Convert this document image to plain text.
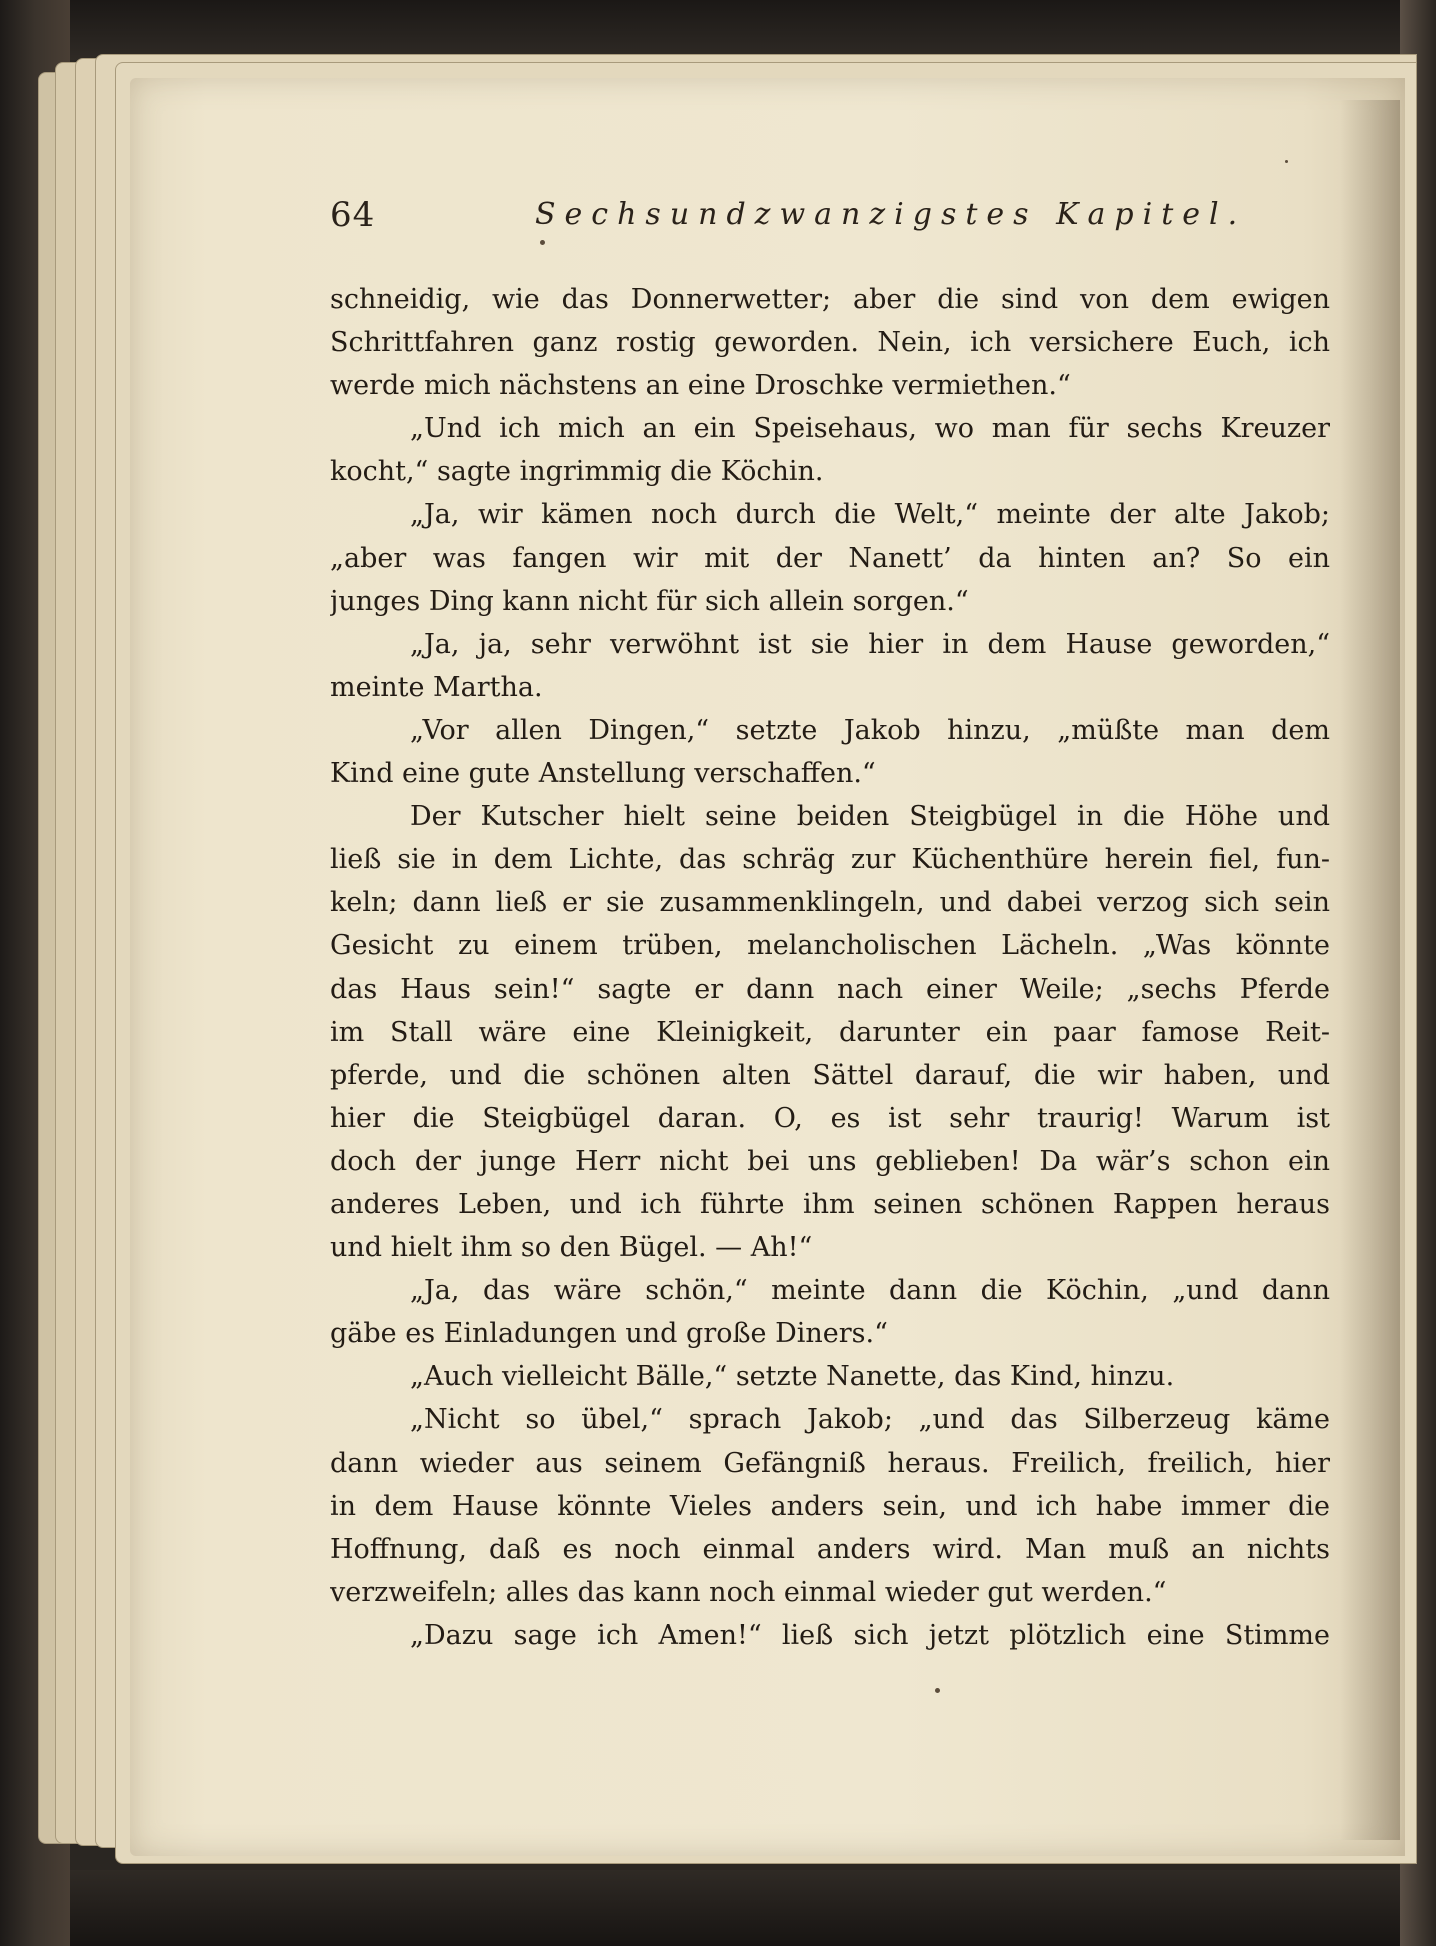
64	Sechsundzwanzigstes Kapitel.
schneidig, wie das Donnerwetter; aber die sind von dem ewigen
Schrittfahren ganz rostig geworden. Nein, ich versichere Euch, ich
werde mich nächstens an eine Droschke vermiethen.“
„Und ich mich an ein Speisehaus, wo man für sechs Kreuzer
kocht,“ sagte ingrimmig die Köchin.
„Ja, wir kämen noch durch die Welt,“ meinte der alte Jakob;
„aber was fangen wir mit der Nanett’ da hinten an? So ein
junges Ding kann nicht für sich allein sorgen.“
„Ja, ja, sehr verwöhnt ist sie hier in dem Hause geworden,“
meinte Martha.
„Vor allen Dingen,“ setzte Jakob hinzu, „müßte man dem
Kind eine gute Anstellung verschaffen.“
Der Kutscher hielt seine beiden Steigbügel in die Höhe und
ließ sie in dem Lichte, das schräg zur Küchenthüre herein fiel, fun-
keln; dann ließ er sie zusammenklingeln, und dabei verzog sich sein
Gesicht zu einem trüben, melancholischen Lächeln. „Was könnte
das Haus sein!“ sagte er dann nach einer Weile; „sechs Pferde
im Stall wäre eine Kleinigkeit, darunter ein paar famose Reit-
pferde, und die schönen alten Sättel darauf, die wir haben, und
hier die Steigbügel daran. O, es ist sehr traurig! Warum ist
doch der junge Herr nicht bei uns geblieben! Da wär’s schon ein
anderes Leben, und ich führte ihm seinen schönen Rappen heraus
und hielt ihm so den Bügel. — Ah!“
„Ja, das wäre schön,“ meinte dann die Köchin, „und dann
gäbe es Einladungen und große Diners.“
„Auch vielleicht Bälle,“ setzte Nanette, das Kind, hinzu.
„Nicht so übel,“ sprach Jakob; „und das Silberzeug käme
dann wieder aus seinem Gefängniß heraus. Freilich, freilich, hier
in dem Hause könnte Vieles anders sein, und ich habe immer die
Hoffnung, daß es noch einmal anders wird. Man muß an nichts
verzweifeln; alles das kann noch einmal wieder gut werden.“
„Dazu sage ich Amen!“ ließ sich jetzt plötzlich eine Stimme
